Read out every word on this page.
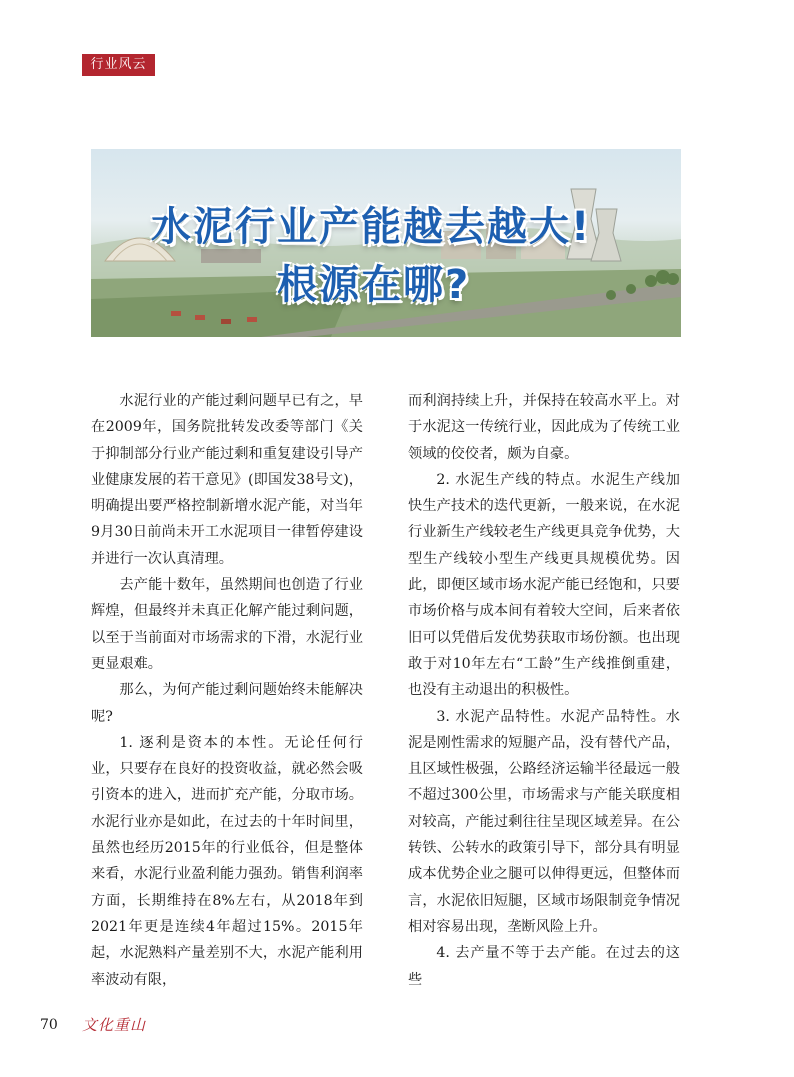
行业风云
水泥行业产能越去越大!
根源在哪?

水泥行业的产能过剩问题早已有之，早在2009年，国务院批转发改委等部门《关于抑制部分行业产能过剩和重复建设引导产业健康发展的若干意见》(即国发38号文)，明确提出要严格控制新增水泥产能，对当年9月30日前尚未开工水泥项目一律暂停建设并进行一次认真清理。

去产能十数年，虽然期间也创造了行业辉煌，但最终并未真正化解产能过剩问题，以至于当前面对市场需求的下滑，水泥行业更显艰难。

那么，为何产能过剩问题始终未能解决呢?

1. 逐利是资本的本性。无论任何行业，只要存在良好的投资收益，就必然会吸引资本的进入，进而扩充产能，分取市场。水泥行业亦是如此，在过去的十年时间里，虽然也经历2015年的行业低谷，但是整体来看，水泥行业盈利能力强劲。销售利润率方面，长期维持在8%左右，从2018年到2021年更是连续4年超过15%。2015年起，水泥熟料产量差别不大，水泥产能利用率波动有限，

而利润持续上升，并保持在较高水平上。对于水泥这一传统行业，因此成为了传统工业领域的佼佼者，颇为自豪。

2. 水泥生产线的特点。水泥生产线加快生产技术的迭代更新，一般来说，在水泥行业新生产线较老生产线更具竞争优势，大型生产线较小型生产线更具规模优势。因此，即便区域市场水泥产能已经饱和，只要市场价格与成本间有着较大空间，后来者依旧可以凭借后发优势获取市场份额。也出现敢于对10年左右“工龄”生产线推倒重建，也没有主动退出的积极性。

3. 水泥产品特性。水泥产品特性。水泥是刚性需求的短腿产品，没有替代产品，且区域性极强，公路经济运输半径最远一般不超过300公里，市场需求与产能关联度相对较高，产能过剩往往呈现区域差异。在公转铁、公转水的政策引导下，部分具有明显成本优势企业之腿可以伸得更远，但整体而言，水泥依旧短腿，区域市场限制竞争情况相对容易出现，垄断风险上升。

4. 去产量不等于去产能。在过去的这些

70 文化重山
